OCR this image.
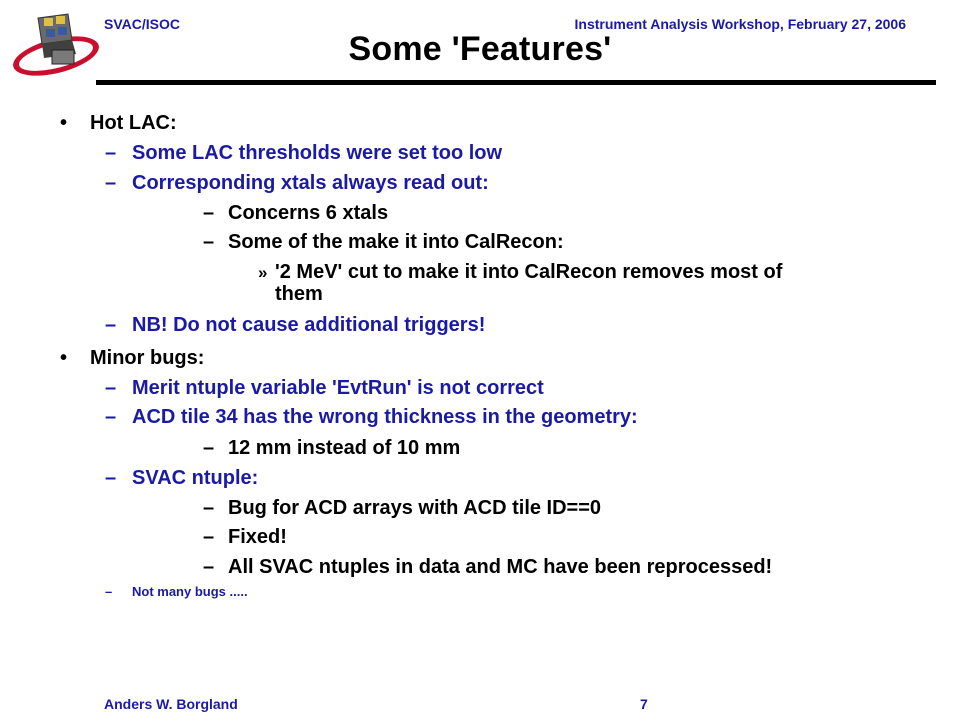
SVAC/ISOC	Instrument Analysis Workshop, February 27, 2006
Some 'Features'
• Hot LAC:
– Some LAC thresholds were set too low
– Corresponding xtals always read out:
– Concerns 6 xtals
– Some of the make it into CalRecon:
» '2 MeV' cut to make it into CalRecon removes most of
them
– NB! Do not cause additional triggers!
• Minor bugs:
– Merit ntuple variable 'EvtRun' is not correct
– ACD tile 34 has the wrong thickness in the geometry:
– 12 mm instead of 10 mm
– SVAC ntuple:
– Bug for ACD arrays with ACD tile ID==0
– Fixed!
– All SVAC ntuples in data and MC have been reprocessed!
– Not many bugs .....
Anders W. Borgland	7
